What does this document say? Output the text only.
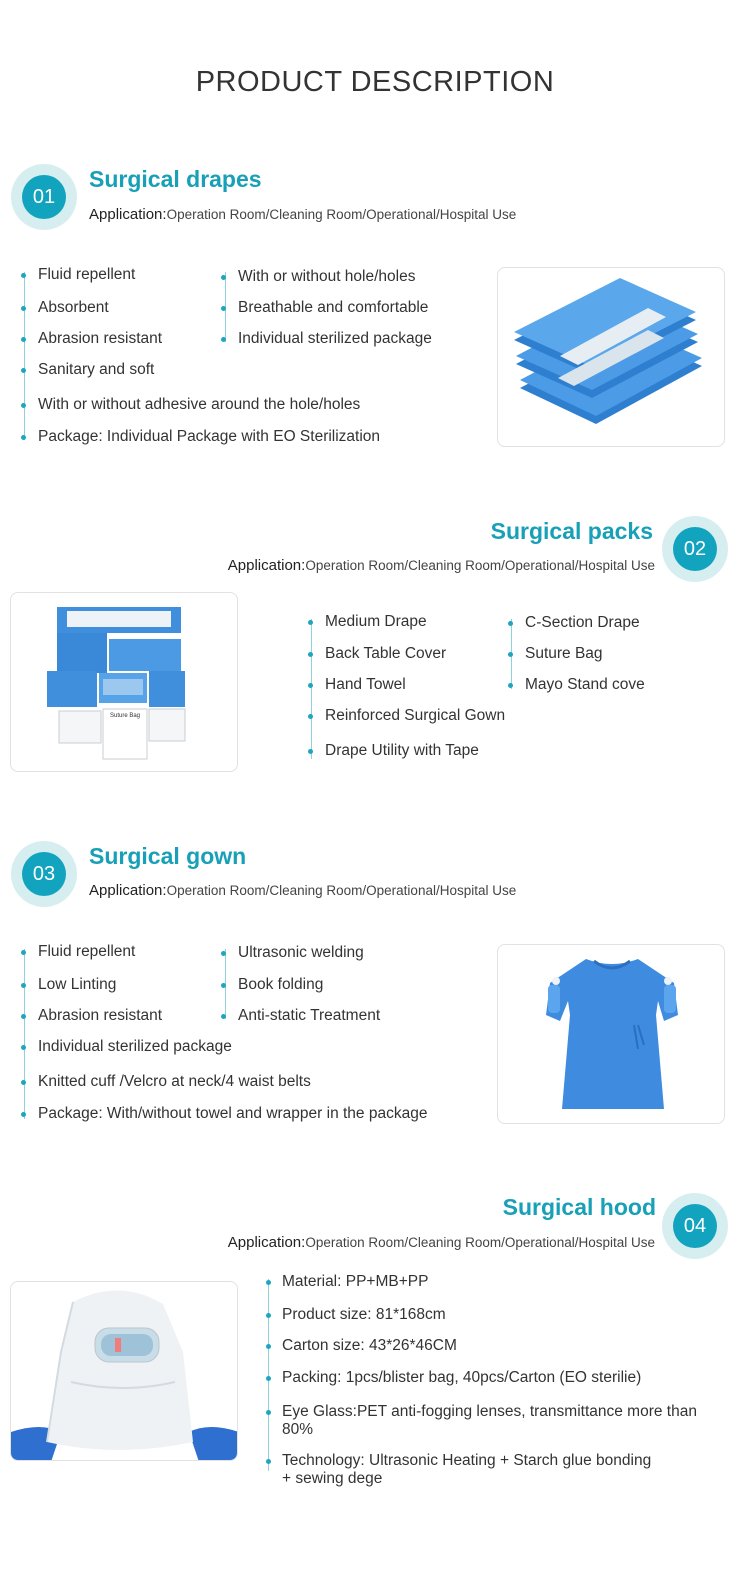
PRODUCT DESCRIPTION
01
Surgical drapes
Application:Operation Room/Cleaning Room/Operational/Hospital Use
Fluid repellent
Absorbent
Abrasion resistant
Sanitary and soft
With or without hole/holes
Breathable and comfortable
Individual sterilized package
With or without adhesive around the hole/holes
Package: Individual Package with EO Sterilization
02
Surgical packs
Application:Operation Room/Cleaning Room/Operational/Hospital Use
Suture Bag
Medium Drape
Back Table Cover
Hand Towel
Reinforced Surgical Gown
Drape Utility with Tape
C-Section Drape
Suture Bag
Mayo Stand cove
03
Surgical gown
Application:Operation Room/Cleaning Room/Operational/Hospital Use
Fluid repellent
Low Linting
Abrasion resistant
Individual sterilized package
Ultrasonic welding
Book folding
Anti-static Treatment
Knitted cuff /Velcro at neck/4 waist belts
Package: With/without towel and wrapper in the package
04
Surgical hood
Application:Operation Room/Cleaning Room/Operational/Hospital Use
Material: PP+MB+PP
Product size: 81*168cm
Carton size: 43*26*46CM
Packing: 1pcs/blister bag, 40pcs/Carton (EO sterilie)
Eye Glass:PET anti-fogging lenses, transmittance more than 80%
Technology: Ultrasonic Heating + Starch glue bonding + sewing dege
